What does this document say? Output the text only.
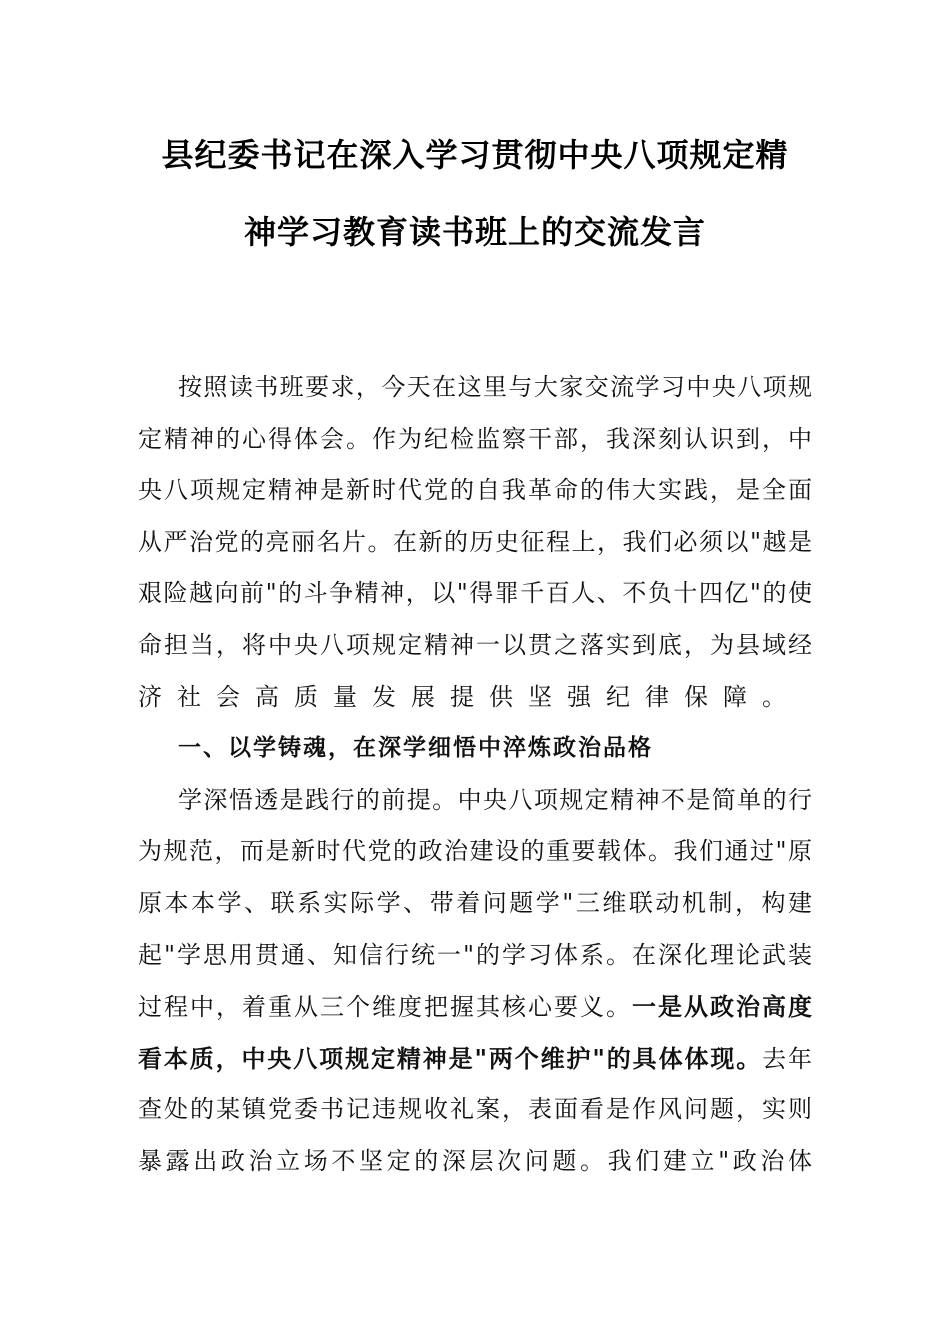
县纪委书记在深入学习贯彻中央八项规定精
神学习教育读书班上的交流发言
按照读书班要求，今天在这里与大家交流学习中央八项规
定精神的心得体会。作为纪检监察干部，我深刻认识到，中
央八项规定精神是新时代党的自我革命的伟大实践，是全面
从严治党的亮丽名片。在新的历史征程上，我们必须以"越是
艰险越向前"的斗争精神，以"得罪千百人、不负十四亿"的使
命担当，将中央八项规定精神一以贯之落实到底，为县域经
济社会高质量发展提供坚强纪律保障。
一、以学铸魂，在深学细悟中淬炼政治品格
学深悟透是践行的前提。中央八项规定精神不是简单的行
为规范，而是新时代党的政治建设的重要载体。我们通过"原
原本本学、联系实际学、带着问题学"三维联动机制，构建
起"学思用贯通、知信行统一"的学习体系。在深化理论武装
过程中，着重从三个维度把握其核心要义。一是从政治高度
看本质，中央八项规定精神是"两个维护"的具体体现。去年
查处的某镇党委书记违规收礼案，表面看是作风问题，实则
暴露出政治立场不坚定的深层次问题。我们建立"政治体
